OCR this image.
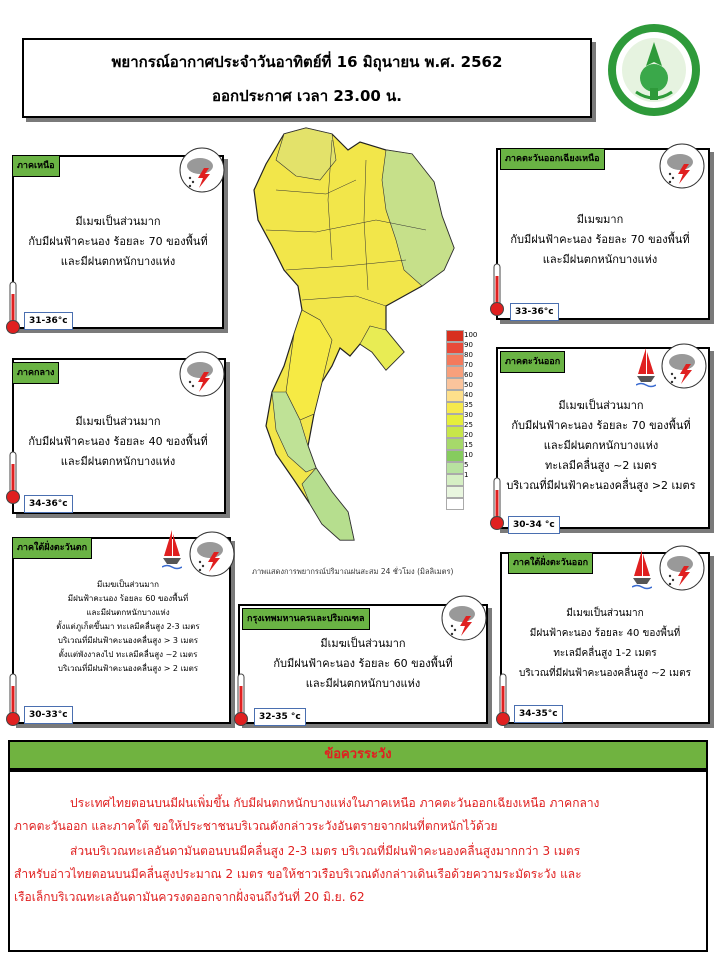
พยากรณ์อากาศประจำวันอาทิตย์ที่ 16 มิถุนายน พ.ศ. 2562
ออกประกาศ เวลา 23.00 น.
ภาคเหนือ
มีเมฆเป็นส่วนมาก
กับมีฝนฟ้าคะนอง ร้อยละ 70 ของพื้นที่
และมีฝนตกหนักบางแห่ง
ภาคตะวันออกเฉียงเหนือ
มีเมฆมาก
กับมีฝนฟ้าคะนอง ร้อยละ 70 ของพื้นที่
และมีฝนตกหนักบางแห่ง
ภาคกลาง
มีเมฆเป็นส่วนมาก
กับมีฝนฟ้าคะนอง ร้อยละ 40 ของพื้นที่
และมีฝนตกหนักบางแห่ง
ภาคตะวันออก
มีเมฆเป็นส่วนมาก
กับมีฝนฟ้าคะนอง ร้อยละ 70 ของพื้นที่
และมีฝนตกหนักบางแห่ง
ทะเลมีคลื่นสูง ~2 เมตร
บริเวณที่มีฝนฟ้าคะนองคลื่นสูง >2 เมตร
ภาคใต้ฝั่งตะวันตก
มีเมฆเป็นส่วนมาก
มีฝนฟ้าคะนอง ร้อยละ 60 ของพื้นที่
และมีฝนตกหนักบางแห่ง
ตั้งแต่ภูเก็ตขึ้นมา ทะเลมีคลื่นสูง 2-3 เมตร
บริเวณที่มีฝนฟ้าคะนองคลื่นสูง > 3 เมตร
ตั้งแต่พังงาลงไป ทะเลมีคลื่นสูง ~2 เมตร
บริเวณที่มีฝนฟ้าคะนองคลื่นสูง > 2 เมตร
กรุงเทพมหานครและปริมณฑล
มีเมฆเป็นส่วนมาก
กับมีฝนฟ้าคะนอง ร้อยละ 60 ของพื้นที่
และมีฝนตกหนักบางแห่ง
ภาคใต้ฝั่งตะวันออก
มีเมฆเป็นส่วนมาก
มีฝนฟ้าคะนอง ร้อยละ 40 ของพื้นที่
ทะเลมีคลื่นสูง 1-2 เมตร
บริเวณที่มีฝนฟ้าคะนองคลื่นสูง ~2 เมตร
100
90
80
70
60
50
40
35
30
25
20
15
10
5
1
ภาพแสดงการพยากรณ์ปริมาณฝนสะสม 24 ชั่วโมง (มิลลิเมตร)
31-36°c
33-36°c
34-36°c
30-34 °c
30-33°c	32-35 °c	34-35°c
ข้อควรระวัง

ประเทศไทยตอนบนมีฝนเพิ่มขึ้น กับมีฝนตกหนักบางแห่งในภาคเหนือ ภาคตะวันออกเฉียงเหนือ ภาคกลาง

ภาคตะวันออก และภาคใต้ ขอให้ประชาชนบริเวณดังกล่าวระวังอันตรายจากฝนที่ตกหนักไว้ด้วย

ส่วนบริเวณทะเลอันดามันตอนบนมีคลื่นสูง 2-3 เมตร บริเวณที่มีฝนฟ้าคะนองคลื่นสูงมากกว่า 3 เมตร

สำหรับอ่าวไทยตอนบนมีคลื่นสูงประมาณ 2 เมตร ขอให้ชาวเรือบริเวณดังกล่าวเดินเรือด้วยความระมัดระวัง และ

เรือเล็กบริเวณทะเลอันดามันควรงดออกจากฝั่งจนถึงวันที่ 20 มิ.ย. 62
